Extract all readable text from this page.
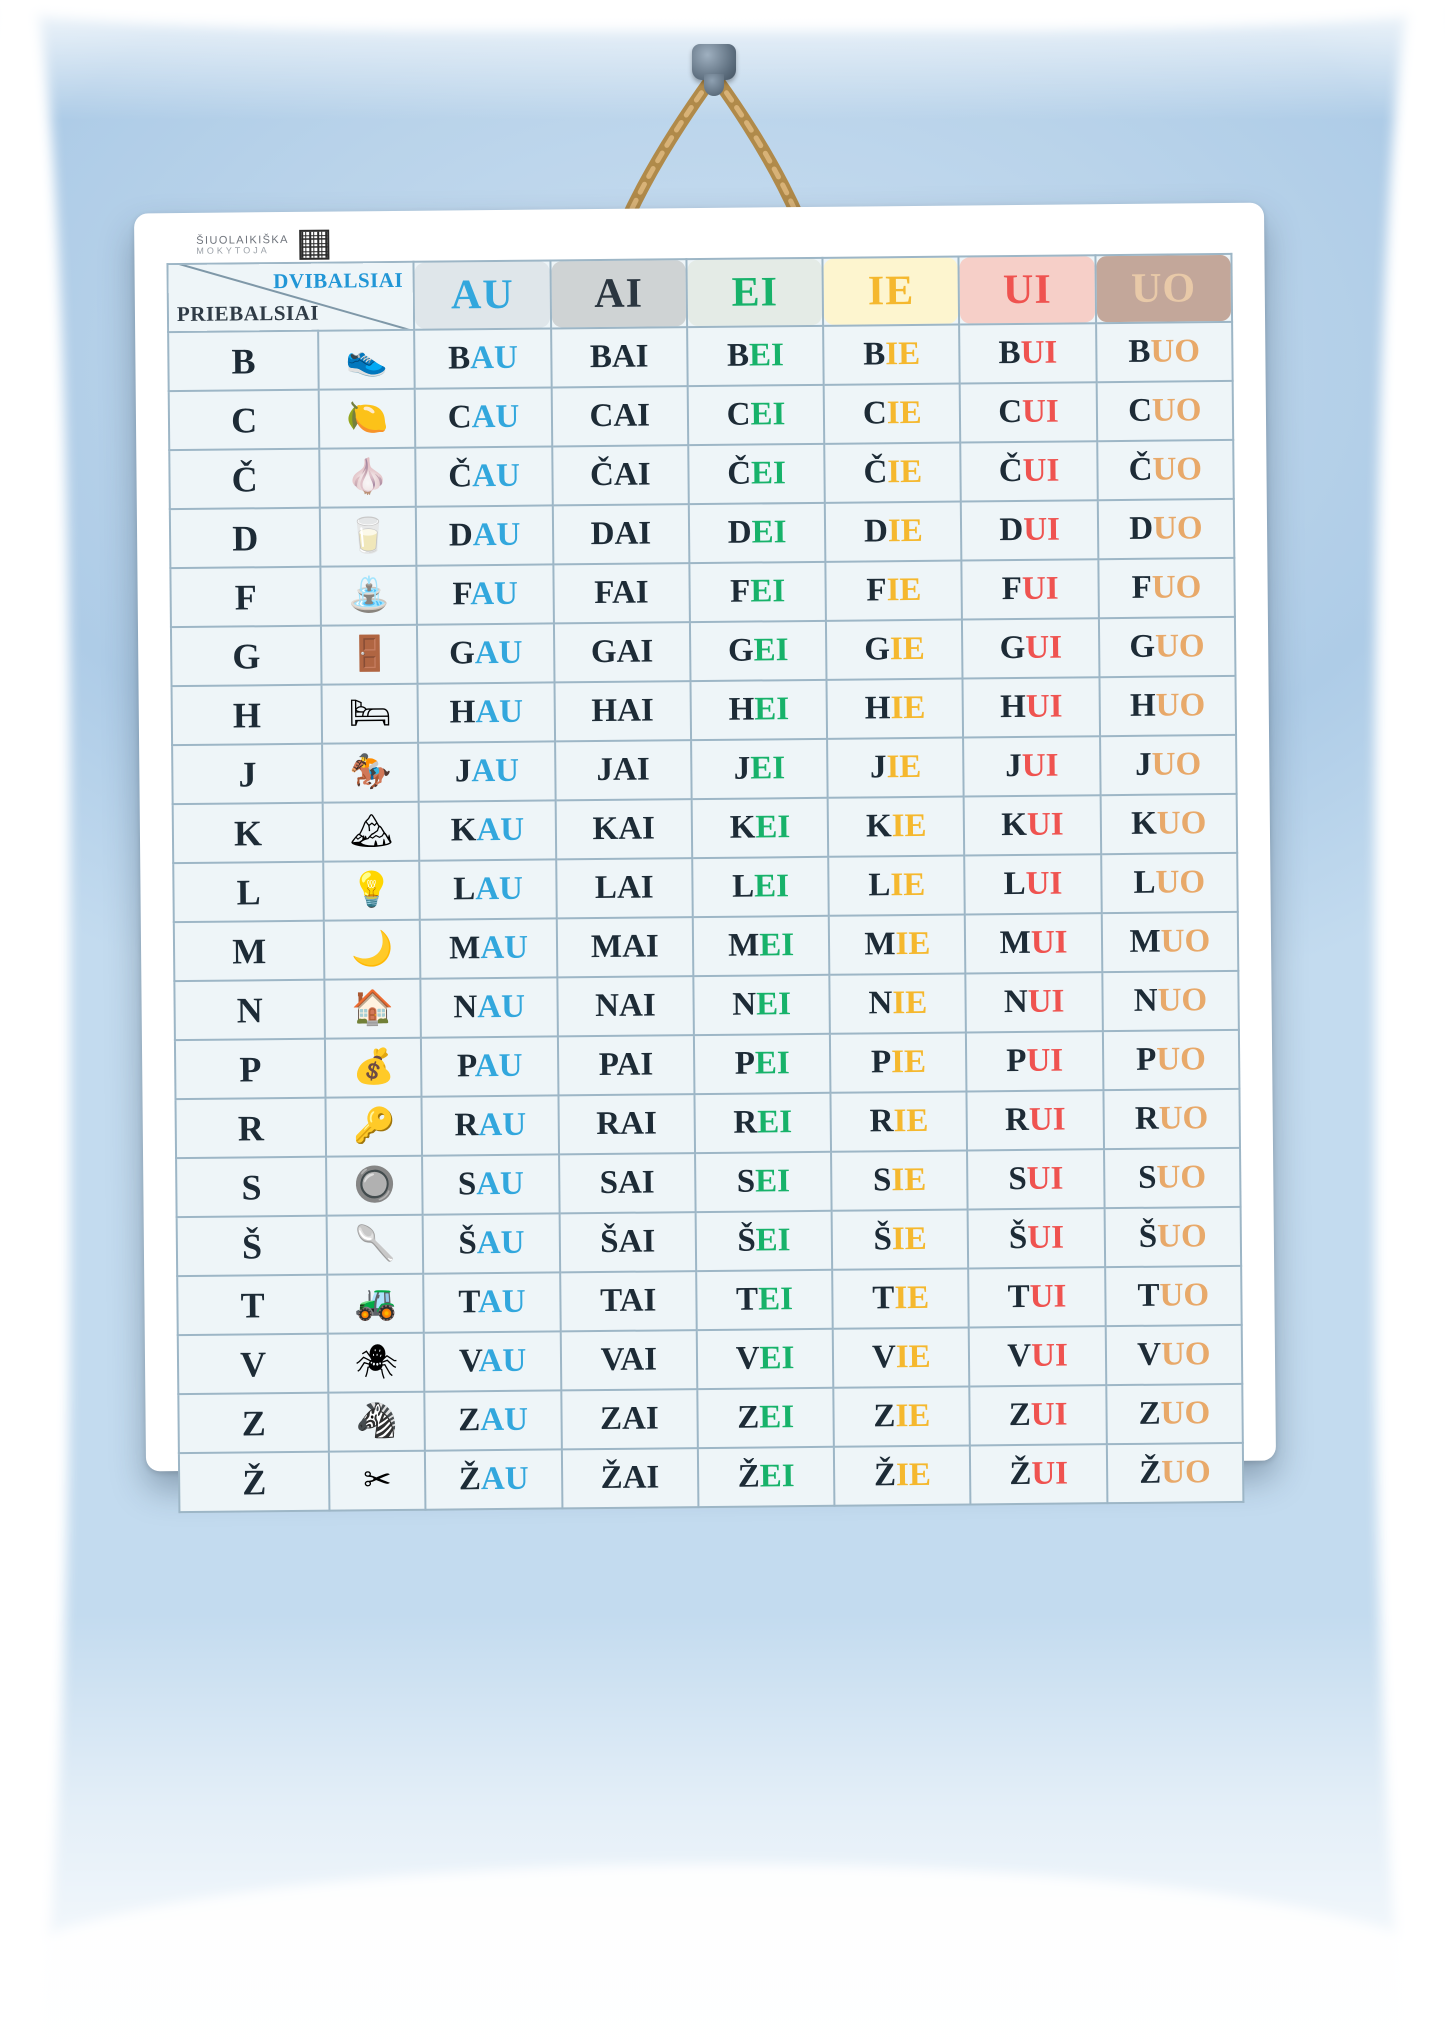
ŠIUOLAIKIŠKA
MOKYTOJA
DVIBALSIAI
PRIEBALSIAI		AU	AI	EI	IE	UI	UO

B	👟	BAU	BAI	BEI	BIE	BUI	BUO
C	🍋	CAU	CAI	CEI	CIE	CUI	CUO
Č	🧄	ČAU	ČAI	ČEI	ČIE	ČUI	ČUO
D	🥛	DAU	DAI	DEI	DIE	DUI	DUO
F	⛲	FAU	FAI	FEI	FIE	FUI	FUO
G	🚪	GAU	GAI	GEI	GIE	GUI	GUO
H	🛏	HAU	HAI	HEI	HIE	HUI	HUO
J	🏇	JAU	JAI	JEI	JIE	JUI	JUO
K	🏔	KAU	KAI	KEI	KIE	KUI	KUO
L	💡	LAU	LAI	LEI	LIE	LUI	LUO
M	🌙	MAU	MAI	MEI	MIE	MUI	MUO
N	🏠	NAU	NAI	NEI	NIE	NUI	NUO
P	💰	PAU	PAI	PEI	PIE	PUI	PUO
R	🔑	RAU	RAI	REI	RIE	RUI	RUO
S	🔘	SAU	SAI	SEI	SIE	SUI	SUO
Š	🥄	ŠAU	ŠAI	ŠEI	ŠIE	ŠUI	ŠUO
T	🚜	TAU	TAI	TEI	TIE	TUI	TUO
V	🕷	VAU	VAI	VEI	VIE	VUI	VUO
Z	🦓	ZAU	ZAI	ZEI	ZIE	ZUI	ZUO
Ž	✂	ŽAU	ŽAI	ŽEI	ŽIE	ŽUI	ŽUO
